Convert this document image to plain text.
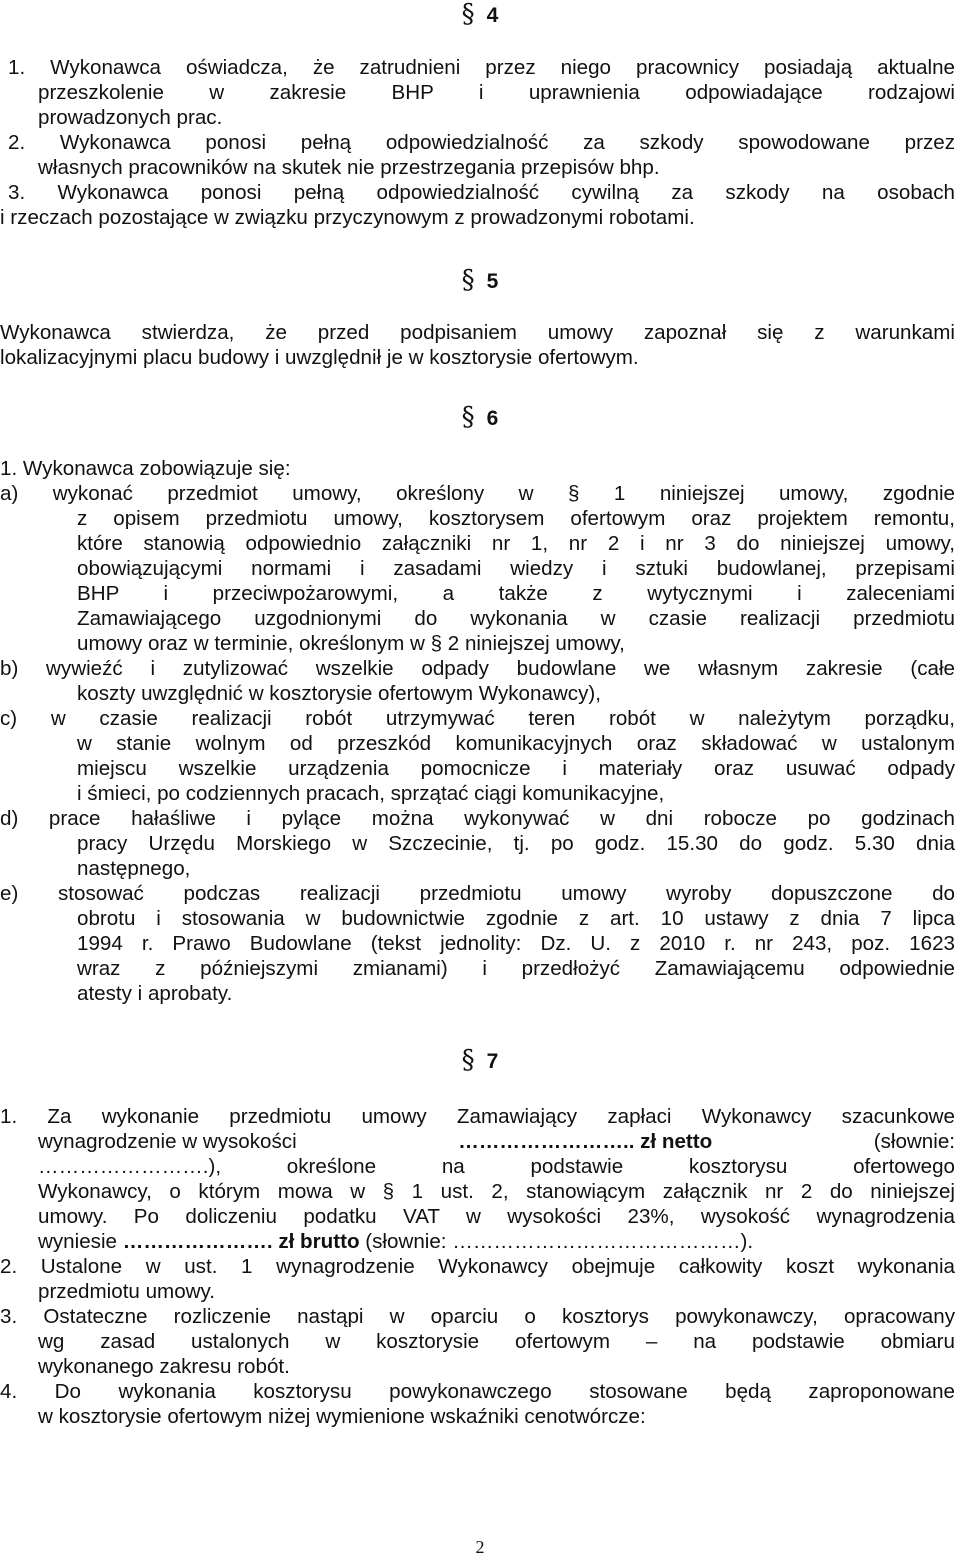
§ 4
1. Wykonawca oświadcza, że zatrudnieni przez niego pracownicy posiadają aktualne
przeszkolenie w zakresie BHP i uprawnienia odpowiadające rodzajowi
prowadzonych prac.
2. Wykonawca ponosi pełną odpowiedzialność za szkody spowodowane przez
własnych pracowników na skutek nie przestrzegania przepisów bhp.
3. Wykonawca ponosi pełną odpowiedzialność cywilną za szkody na osobach
i rzeczach pozostające w związku przyczynowym z prowadzonymi robotami.
§ 5
Wykonawca stwierdza, że przed podpisaniem umowy zapoznał się z warunkami
lokalizacyjnymi placu budowy i uwzględnił je w kosztorysie ofertowym.
§ 6
1. Wykonawca zobowiązuje się:
a) wykonać przedmiot umowy, określony w § 1 niniejszej umowy, zgodnie
z opisem przedmiotu umowy, kosztorysem ofertowym oraz projektem remontu,
które stanowią odpowiednio załączniki nr 1, nr 2 i nr 3 do niniejszej umowy,
obowiązującymi normami i zasadami wiedzy i sztuki budowlanej, przepisami
BHP i przeciwpożarowymi, a także z wytycznymi i zaleceniami
Zamawiającego uzgodnionymi do wykonania w czasie realizacji przedmiotu
umowy oraz w terminie, określonym w § 2 niniejszej umowy,
b) wywieźć i zutylizować wszelkie odpady budowlane we własnym zakresie (całe
koszty uwzględnić w kosztorysie ofertowym Wykonawcy),
c) w czasie realizacji robót utrzymywać teren robót w należytym porządku,
w stanie wolnym od przeszkód komunikacyjnych oraz składować w ustalonym
miejscu wszelkie urządzenia pomocnicze i materiały oraz usuwać odpady
i śmieci, po codziennych pracach, sprzątać ciągi komunikacyjne,
d) prace hałaśliwe i pylące można wykonywać w dni robocze po godzinach
pracy Urzędu Morskiego w Szczecinie, tj. po godz. 15.30 do godz. 5.30 dnia
następnego,
e) stosować podczas realizacji przedmiotu umowy wyroby dopuszczone do
obrotu i stosowania w budownictwie zgodnie z art. 10 ustawy z dnia 7 lipca
1994 r. Prawo Budowlane (tekst jednolity: Dz. U. z 2010 r. nr 243, poz. 1623
wraz z późniejszymi zmianami) i przedłożyć Zamawiającemu odpowiednie
atesty i aprobaty.
§ 7
1. Za wykonanie przedmiotu umowy Zamawiający zapłaci Wykonawcy szacunkowe
wynagrodzenie w wysokości	…………………….. zł netto	(słownie:
…………………….), określone na podstawie kosztorysu ofertowego
Wykonawcy, o którym mowa w § 1 ust. 2, stanowiącym załącznik nr 2 do niniejszej
umowy. Po doliczeniu podatku VAT w wysokości 23%, wysokość wynagrodzenia
wyniesie …………………. zł brutto (słownie: ……………………………………).
2. Ustalone w ust. 1 wynagrodzenie Wykonawcy obejmuje całkowity koszt wykonania
przedmiotu umowy.
3. Ostateczne rozliczenie nastąpi w oparciu o kosztorys powykonawczy, opracowany
wg zasad ustalonych w kosztorysie ofertowym – na podstawie obmiaru
wykonanego zakresu robót.
4. Do wykonania kosztorysu powykonawczego stosowane będą zaproponowane
w kosztorysie ofertowym niżej wymienione wskaźniki cenotwórcze:
2
